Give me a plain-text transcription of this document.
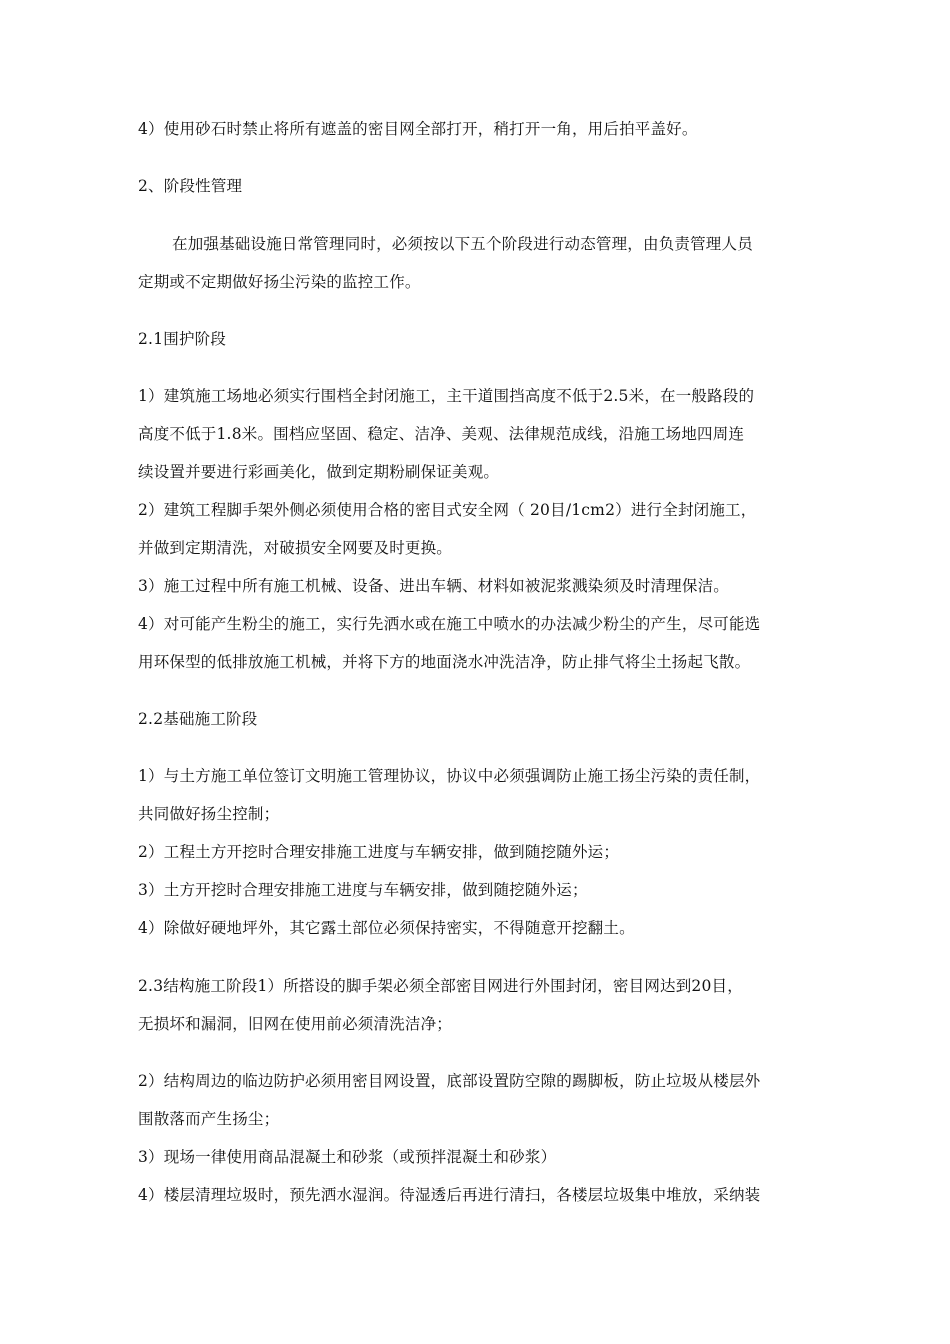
4）使用砂石时禁止将所有遮盖的密目网全部打开，稍打开一角，用后拍平盖好。
2、阶段性管理
在加强基础设施日常管理同时，必须按以下五个阶段进行动态管理，由负责管理人员
定期或不定期做好扬尘污染的监控工作。
2.1围护阶段
1）建筑施工场地必须实行围档全封闭施工，主干道围挡高度不低于2.5米，在一般路段的
高度不低于1.8米。围档应坚固、稳定、洁净、美观、法律规范成线，沿施工场地四周连
续设置并要进行彩画美化，做到定期粉刷保证美观。
2）建筑工程脚手架外侧必须使用合格的密目式安全网（ 20目/1cm2）进行全封闭施工，
并做到定期清洗，对破损安全网要及时更换。
3）施工过程中所有施工机械、设备、进出车辆、材料如被泥浆溅染须及时清理保洁。
4）对可能产生粉尘的施工，实行先洒水或在施工中喷水的办法减少粉尘的产生，尽可能选
用环保型的低排放施工机械，并将下方的地面浇水冲洗洁净，防止排气将尘土扬起飞散。
2.2基础施工阶段
1）与土方施工单位签订文明施工管理协议，协议中必须强调防止施工扬尘污染的责任制，
共同做好扬尘控制；
2）工程土方开挖时合理安排施工进度与车辆安排，做到随挖随外运；
3）土方开挖时合理安排施工进度与车辆安排，做到随挖随外运；
4）除做好硬地坪外，其它露土部位必须保持密实，不得随意开挖翻土。
2.3结构施工阶段1）所搭设的脚手架必须全部密目网进行外围封闭，密目网达到20目，
无损坏和漏洞，旧网在使用前必须清洗洁净；
2）结构周边的临边防护必须用密目网设置，底部设置防空隙的踢脚板，防止垃圾从楼层外
围散落而产生扬尘；
3）现场一律使用商品混凝土和砂浆（或预拌混凝土和砂浆）
4）楼层清理垃圾时，预先洒水湿润。待湿透后再进行清扫，各楼层垃圾集中堆放，采纳装
